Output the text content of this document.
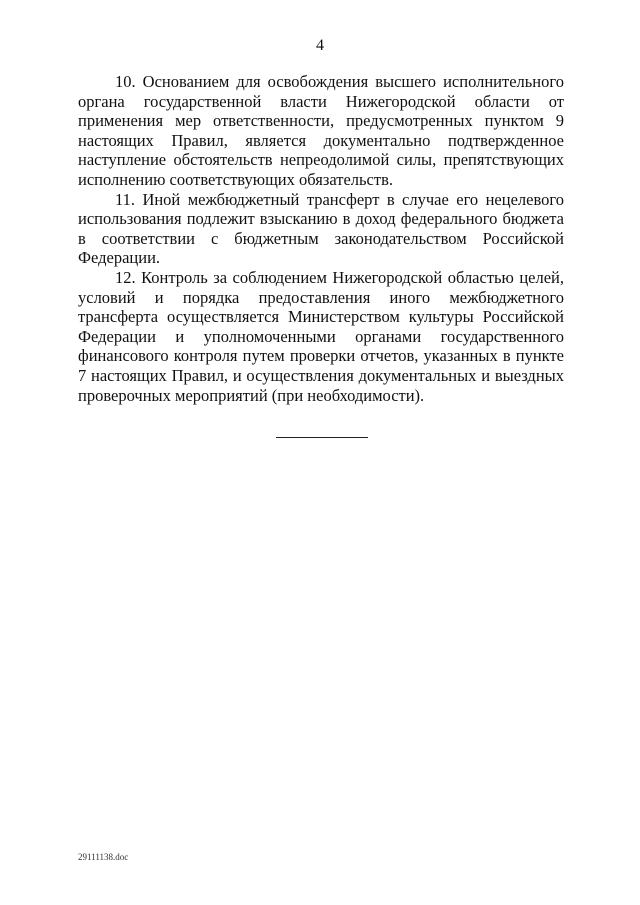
4

10. Основанием для освобождения высшего исполнительного органа государственной власти Нижегородской области от применения мер ответственности, предусмотренных пунктом 9 настоящих Правил, является документально подтвержденное наступление обстоятельств непреодолимой силы, препятствующих исполнению соответствующих обязательств.

11. Иной межбюджетный трансферт в случае его нецелевого использования подлежит взысканию в доход федерального бюджета в соответствии с бюджетным законодательством Российской Федерации.

12. Контроль за соблюдением Нижегородской областью целей, условий и порядка предоставления иного межбюджетного трансферта осуществляется Министерством культуры Российской Федерации и уполномоченными органами государственного финансового контроля путем проверки отчетов, указанных в пункте 7 настоящих Правил, и осуществления документальных и выездных проверочных мероприятий (при необходимости).

29111138.doc
